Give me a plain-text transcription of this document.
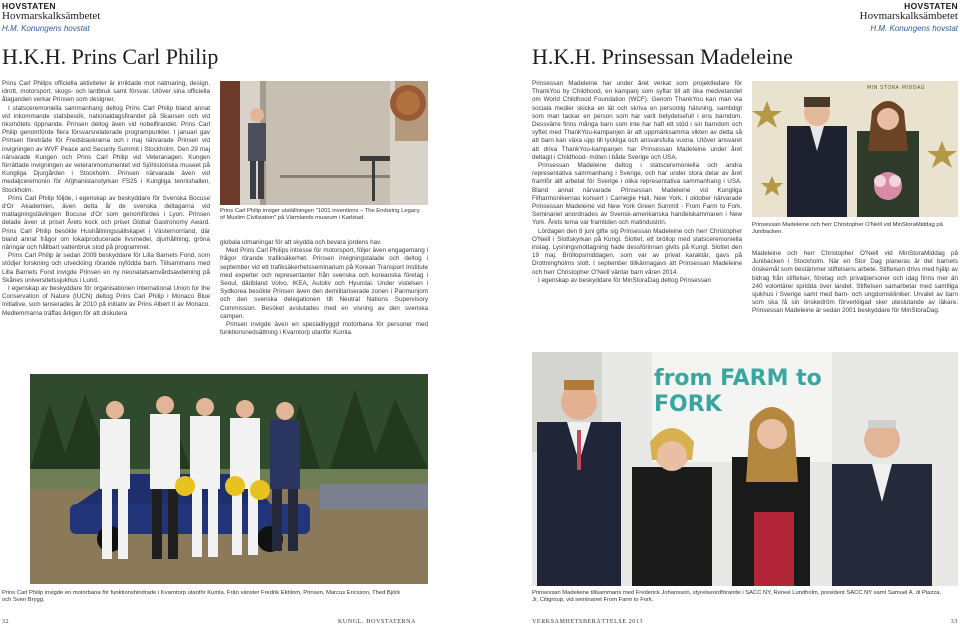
HOVSTATEN
Hovmarskalksämbetet
H.M. Konungens hovstat
H.K.H. Prins Carl Philip

Prins Carl Philips officiella aktiviteter är inriktade mot natmaring, design, idrott, motorsport, skogs- och lantbruk samt försvar. Utöver sina officiella åtaganden verkar Prinsen som designer.

I statsceremoniella sammanhang deltog Prins Carl Philip bland annat vid inkommande statsbesök, nationaldagsfirandet på Skansen och vid riksmötets öppnande. Prinsen deltog även vid nobelfirandet. Prins Carl Philip genomförde flera försvarsrelaterade programpunkter. I januari gav Prinsen företräde för Fredsbaskrarna och i maj närvarade Prinsen vid invigningen av WVF Peace and Security Summit i Stockholm. Den 29 maj närvarade Kungen och Prins Carl Philip vid Veteranagen. Kungen förrättade invigningen av veteranmonumentet vid Sjöhistoriska museet på Kungliga Djurgården i Stockholm. Prinsen närvarade även vid medaljceremonin för Afghanistanstyrkan FS25 i Kungliga tennishallen, Stockholm.

Prins Carl Philip följde, i egenskap av beskyddare för Svenska Bocuse d'Or Akademien, även detta år de svenska deltagarna vid matlagningstävlingen Bocuse d'Or som genomfördes i Lyon. Prinsen delade även ut priset Årets kock och priset Global Gastronomy Award. Prins Carl Philip besökte Hushållningssällskapet i Västernorrland, där bland annat frågor om lokalproducerade livsmedel, djurhållning, gröna näringar och hållbart vattenbruk stod på programmet.

Prins Carl Philip är sedan 2009 beskyddare för Lilla Barnets Fond, som stödjer forskning och utveckling rörande nyfödda barn. Tillsammans med Lilla Barnets Fond invigde Prinsen en ny neonatalsamvårdsavdelning på Skånes universitetssjukhus i Lund.

I egenskap av beskyddare för organisationen International Union for the Conservation of Nature (IUCN) deltog Prins Carl Philip i Monaco Blue Initiative, som lanserades år 2010 på initiativ av Prins Albert II av Monaco. Medlemmarna träffas årligen för att diskutera

Prins Carl Philip inviger utställningen "1001 inventions – The Enduring Legacy of Muslim Civilization" på Värmlands museum i Karlstad.

globala utmaningar för att skydda och bevara jordens hav.

Med Prins Carl Philips intresse för motorsport, följer även engagemang i frågor rörande trafiksäkerhet. Prinsen invigningstalade och deltog i september vid ett trafiksäkerhetsseminarium på Korean Transport Institute med experter och representanter från svenska och koreanska företag i Seoul, däribland Volvo, IKEA, Autoliv och Hyundai. Under vistelsen i Sydkorea besökte Prinsen även den demilitariserade zonen i Panmunjom och den svenska delegationen till Neutral Nations Supervisory Commission. Besöket avslutades med en visning av den svenska campen.

Prinsen invigde även en specialbyggd motorbana för personer med funktionsnedsättning i Kvarntorp utanför Kumla.

Prins Carl Philip invigde en motorbana för funktionshindrade i Kvarntorp utanför Kumla. Från vänster Fredrik Ekblom, Prinsen, Marcus Ericsson, Thed Björk och Sven Brygg.
32	KUNGL. HOVSTATERNA
HOVSTATEN
Hovmarskalksämbetet
H.M. Konungens hovstat
H.K.H. Prinsessan Madeleine

Prinsessan Madeleine har under året verkat som projektledare för ThankYou by Childhood, en kampanj som syftar till att öka medvetandet om World Childhood Foundation (WCF). Genom ThankYou kan man via sociala medier skicka en lät och skriva en personlig hälsning, samtidigt som man tackar en person som har varit betydelsefull i ens barndom. Dessvärre finns många barn som inte har haft ett stöd i sin barndom och syftet med ThankYou-kampanjen är att uppmärksamma vikten av detta så att barn kan växa upp till lyckliga och ansvarsfulla vuxna. Utöver ansvaret att driva ThankYou-kampanjen har Prinsessan Madeleine under året deltagit i Childhood- möten i både Sverige och USA.

Prinsessan Madeleine deltog i statsceremoniella och andra representativa sammanhang i Sverige, och har under stora delar av året framför allt arbetat för Sverige i olika representativa sammanhang i USA. Bland annat närvarade Prinsessan Madeleine vid Kungliga Filharmonikernas konsert i Carnegie Hall, New York. I oktober närvarade Prinsessan Madeleine vid New York Green Summit - From Farm to Fork. Seminariet anordnades av Svensk-amerikanska handelskammaren i New York. Årets tema var framtiden och matindustrin.

Lördagen den 8 juni gifte sig Prinsessan Madeleine och herr Christopher O'Neill i Slottskyrkan på Kungl. Slottet, ett bröllop med statsceremoniella inslag. Lysningsmottagning hade dessförinnan givits på Kungl. Slottet den 19 maj. Bröllopsmiddagen, som var av privat karaktär, gavs på Drottningholms slott. I september tillkännagavs att Prinsessan Madeleine och herr Christopher O'Neill väntar barn våren 2014.

I egenskap av beskyddare för MinStoraDag deltog Prinsessan

MIN STORA MIDDAG
Prinsessan Madeleine och herr Christopher O'Neill vid MinStoraMiddag på Junibacken.

Madeleine och herr Christopher O'Neill vid MinStoraMiddag på Junibacken i Stockholm. När en Stor Dag planeras är det barnets önskemål som bestämmer stiftelsens arbete. Stiftelsen drivs med hjälp av bidrag från stiftelser, företag och privatpersoner och idag finns mer än 240 volontärer spridda över landet. Stiftelsen samarbetar med samtliga sjukhus i Sverige samt med barn- och ungdomskliniker. Urvalet av barn som ska få sin önskedröm förverkligad sker uteslutande av läkare. Prinsessan Madeleine är sedan 2001 beskyddare för MinStoraDag.

from FARM to FORK
Prinsessan Madeleine tillsammans med Frederick Johansson, styrelseordförande i SACC NY, Reneé Lundholm, president SACC NY samt Samuel A. di Piazza, Jr, Citigroup, vid seminariet From Farm to Fork.
VERKSAMHETSBERÄTTELSE 2013	33
